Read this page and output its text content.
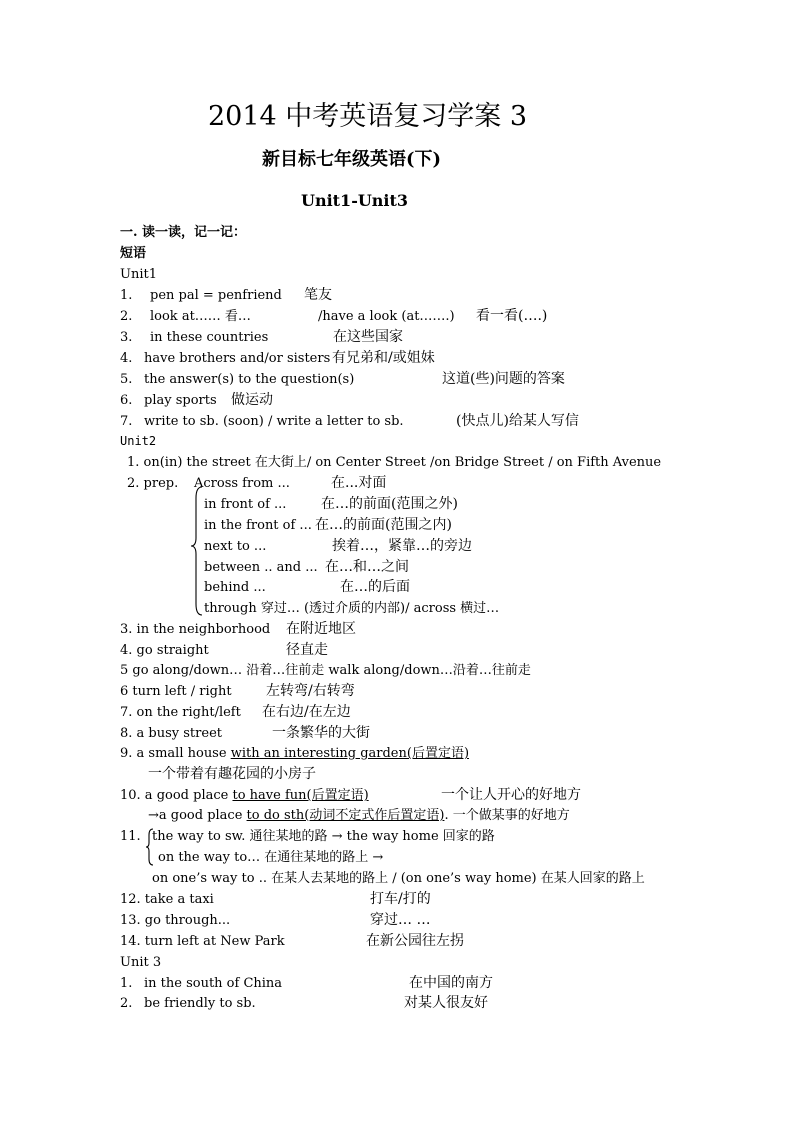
2014 中考英语复习学案 3
新目标七年级英语(下)
Unit1-Unit3
一. 读一读，记一记：
短语
Unit1
1. pen pal = penfriend 笔友
2. look at…… 看…	/have a look (at…….) 看一看(….)
3. in these countries	在这些国家
4. have brothers and/or sisters 有兄弟和/或姐妹
5. the answer(s) to the question(s)	这道(些)问题的答案
6. play sports 做运动
7. write to sb. (soon) / write a letter to sb.	(快点儿)给某人写信
Unit2
1. on(in) the street 在大街上/ on Center Street /on Bridge Street / on Fifth Avenue
2. prep. Across from ...	在...对面
in front of ... 在…的前面(范围之外)
in the front of ... 在…的前面(范围之内)
next to ...	挨着…，紧靠…的旁边
between .. and ... 在…和…之间
behind ...	在…的后面
through 穿过… (透过介质的内部)/ across 横过…
3. in the neighborhood 在附近地区
4. go straight	径直走
5 go along/down… 沿着…往前走 walk along/down…沿着…往前走
6 turn left / right 左转弯/右转弯
7. on the right/left 在右边/在左边
8. a busy street	一条繁华的大街
9. a small house with an interesting garden(后置定语)
一个带着有趣花园的小房子
10. a good place to have fun(后置定语)	一个让人开心的好地方
→a good place to do sth(动词不定式作后置定语). 一个做某事的好地方
11. the way to sw. 通往某地的路 → the way home 回家的路
on the way to… 在通往某地的路上 →
on one’s way to .. 在某人去某地的路上 / (on one’s way home) 在某人回家的路上
12. take a taxi	打车/打的
13. go through...	穿过… …
14. turn left at New Park	在新公园往左拐
Unit 3
1. in the south of China	在中国的南方
2. be friendly to sb.	对某人很友好
